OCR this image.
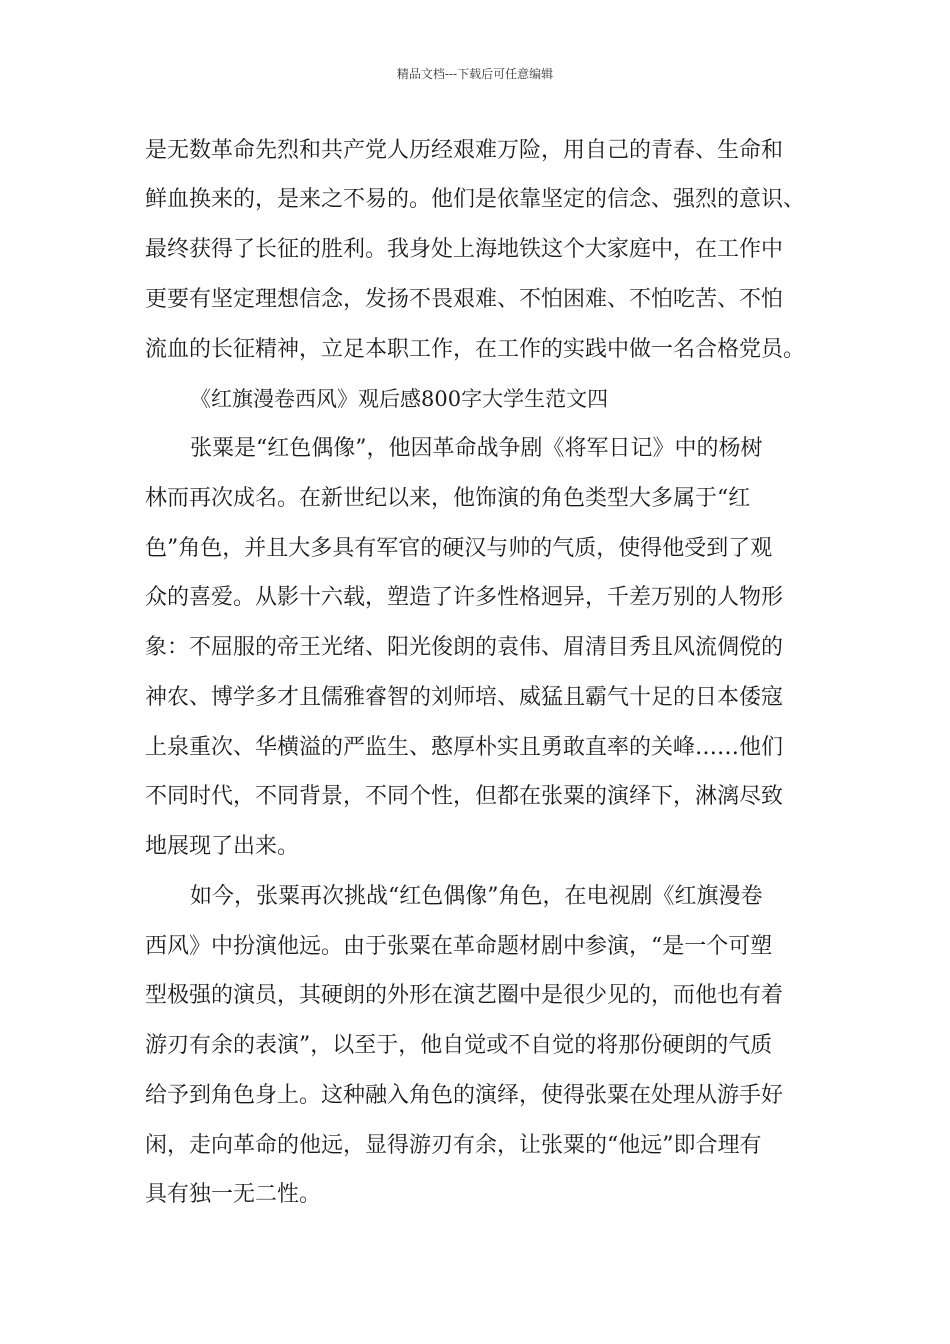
精品文档---下载后可任意编辑
是无数革命先烈和共产党人历经艰难万险，用自己的青春、生命和
鲜血换来的，是来之不易的。他们是依靠坚定的信念、强烈的意识、
最终获得了长征的胜利。我身处上海地铁这个大家庭中，在工作中
更要有坚定理想信念，发扬不畏艰难、不怕困难、不怕吃苦、不怕
流血的长征精神，立足本职工作，在工作的实践中做一名合格党员。
《红旗漫卷西风》观后感800字大学生范文四
张粟是“红色偶像”，他因革命战争剧《将军日记》中的杨树
林而再次成名。在新世纪以来，他饰演的角色类型大多属于“红
色”角色，并且大多具有军官的硬汉与帅的气质，使得他受到了观
众的喜爱。从影十六载，塑造了许多性格迥异，千差万别的人物形
象：不屈服的帝王光绪、阳光俊朗的袁伟、眉清目秀且风流倜傥的
神农、博学多才且儒雅睿智的刘师培、威猛且霸气十足的日本倭寇
上泉重次、华横溢的严监生、憨厚朴实且勇敢直率的关峰……他们
不同时代，不同背景，不同个性，但都在张粟的演绎下，淋漓尽致
地展现了出来。
如今，张粟再次挑战“红色偶像”角色，在电视剧《红旗漫卷
西风》中扮演他远。由于张粟在革命题材剧中参演，“是一个可塑
型极强的演员，其硬朗的外形在演艺圈中是很少见的，而他也有着
游刃有余的表演”，以至于，他自觉或不自觉的将那份硬朗的气质
给予到角色身上。这种融入角色的演绎，使得张粟在处理从游手好
闲，走向革命的他远，显得游刃有余，让张粟的“他远”即合理有
具有独一无二性。
